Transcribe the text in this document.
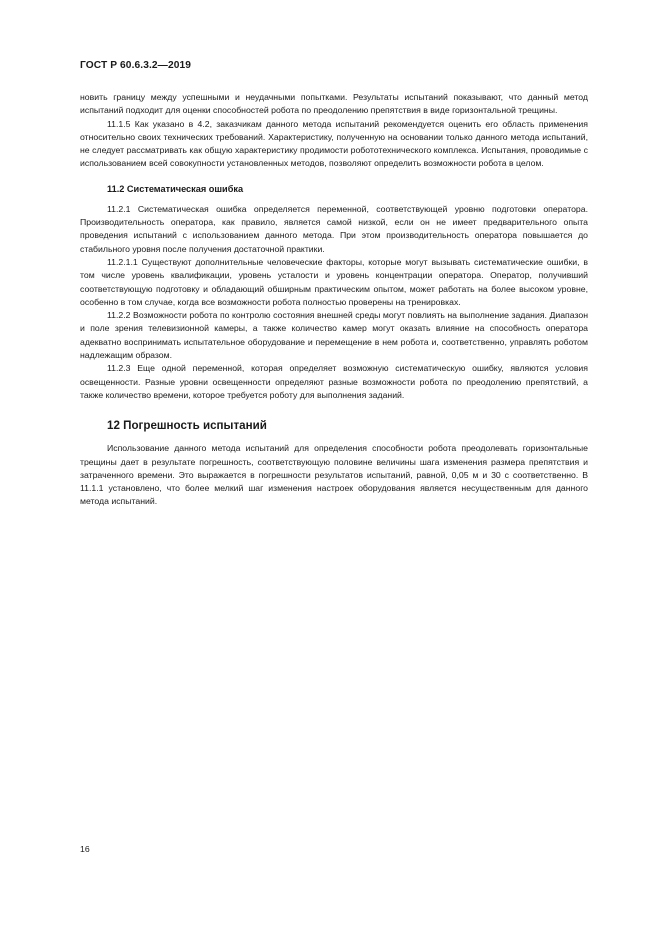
ГОСТ Р 60.6.3.2—2019

новить границу между успешными и неудачными попытками. Результаты испытаний показывают, что данный метод испытаний подходит для оценки способностей робота по преодолению препятствия в виде горизонтальной трещины.

11.1.5 Как указано в 4.2, заказчикам данного метода испытаний рекомендуется оценить его область применения относительно своих технических требований. Характеристику, полученную на основании только данного метода испытаний, не следует рассматривать как общую характеристику продимости робототехнического комплекса. Испытания, проводимые с использованием всей совокупности установленных методов, позволяют определить возможности робота в целом.

11.2 Систематическая ошибка

11.2.1 Систематическая ошибка определяется переменной, соответствующей уровню подготовки оператора. Производительность оператора, как правило, является самой низкой, если он не имеет предварительного опыта проведения испытаний с использованием данного метода. При этом производительность оператора повышается до стабильного уровня после получения достаточной практики.

11.2.1.1 Существуют дополнительные человеческие факторы, которые могут вызывать систематические ошибки, в том числе уровень квалификации, уровень усталости и уровень концентрации оператора. Оператор, получивший соответствующую подготовку и обладающий обширным практическим опытом, может работать на более высоком уровне, особенно в том случае, когда все возможности робота полностью проверены на тренировках.

11.2.2 Возможности робота по контролю состояния внешней среды могут повлиять на выполнение задания. Диапазон и поле зрения телевизионной камеры, а также количество камер могут оказать влияние на способность оператора адекватно воспринимать испытательное оборудование и перемещение в нем робота и, соответственно, управлять роботом надлежащим образом.

11.2.3 Еще одной переменной, которая определяет возможную систематическую ошибку, являются условия освещенности. Разные уровни освещенности определяют разные возможности робота по преодолению препятствий, а также количество времени, которое требуется роботу для выполнения заданий.

12 Погрешность испытаний

Использование данного метода испытаний для определения способности робота преодолевать горизонтальные трещины дает в результате погрешность, соответствующую половине величины шага изменения размера препятствия и затраченного времени. Это выражается в погрешности результатов испытаний, равной, 0,05 м и 30 с соответственно. В 11.1.1 установлено, что более мелкий шаг изменения настроек оборудования является несущественным для данного метода испытаний.

16
